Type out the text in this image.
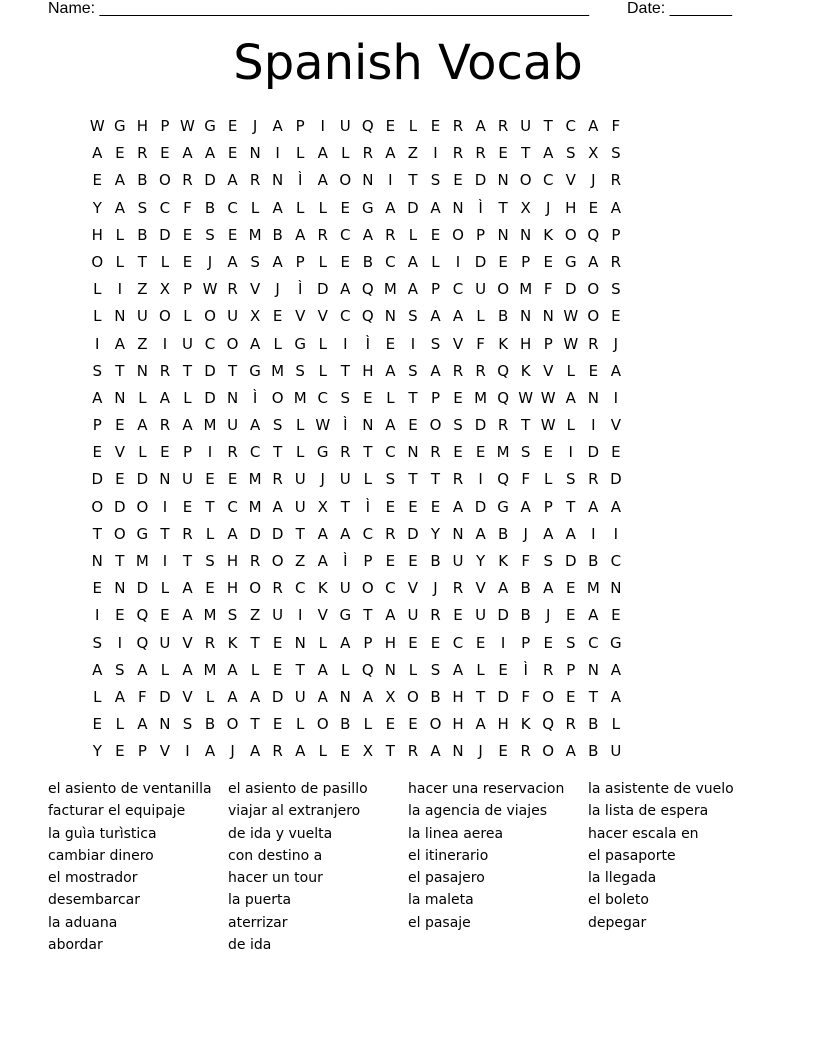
Name: _______________________________________________________ Date: _______
Spanish Vocab
W G H P W G E	J	A P	I U Q E L E R A R U T C A F
A E R E A A E N I	L A L R A Z	I	R R E T A S X S
E A B O R D A R N Ì	A O N I	T S E D N O C V	J	R
Y A S C F B C L A L L E G A D A N Ì	T X	J H E A
H L B D E S E M B A R C A R L E O P N N K O Q P
O L T L E	J	A S A P L E B C A L	I D E P E G A R
L	I	Z X P W R V	J	Ì D A Q M A P C U O M F D O S
L N U O L O U X E V V C Q N S A A L B N N W O E
I	A Z	I U C O A L G L	I	Ì	E	I	S V F K H P W R	J
S T N R T D T G M S L T H A S A R R Q K V L E A
A N L A L D N Ì O M C S E L T P E M Q W W A N I
P E A R A M U A S L W Ì N A E O S D R T W L	I	V
E V L E P	I	R C T L G R T C N R E E M S E	I D E
D E D N U E E M R U J U L S T T R	I Q F L S R D
O D O I	E T C M A U X T	Ì	E E E A D G A P T A A
T O G T R L A D D T A A C R D Y N A B	J	A A	I	I
N T M I	T S H R O Z A	Ì	P E E B U Y K F S D B C
E N D L A E H O R C K U O C V	J	R V A B A E M N
I	E Q E A M S Z U I	V G T A U R E U D B	J	E A E
S	I Q U V R K T E N L A P H E E C E	I	P E S C G
A S A L A M A L E T A L Q N L S A L E	Ì	R P N A
L A F D V L A A D U A N A X O B H T D F O E T A
E L A N S B O T E L O B L E E O H A H K Q R B L
Y E P V	I	A	J	A R A L E X T R A N J	E R O A B U
el asiento de ventanilla
facturar el equipaje
la guìa turìstica
cambiar dinero
el mostrador
desembarcar
la aduana
abordar
el asiento de pasillo
viajar al extranjero
de ida y vuelta
con destino a
hacer un tour
la puerta
aterrizar
de ida
hacer una reservacion
la agencia de viajes
la linea aerea
el itinerario
el pasajero
la maleta
el pasaje
la asistente de vuelo
la lista de espera
hacer escala en
el pasaporte
la llegada
el boleto
depegar
